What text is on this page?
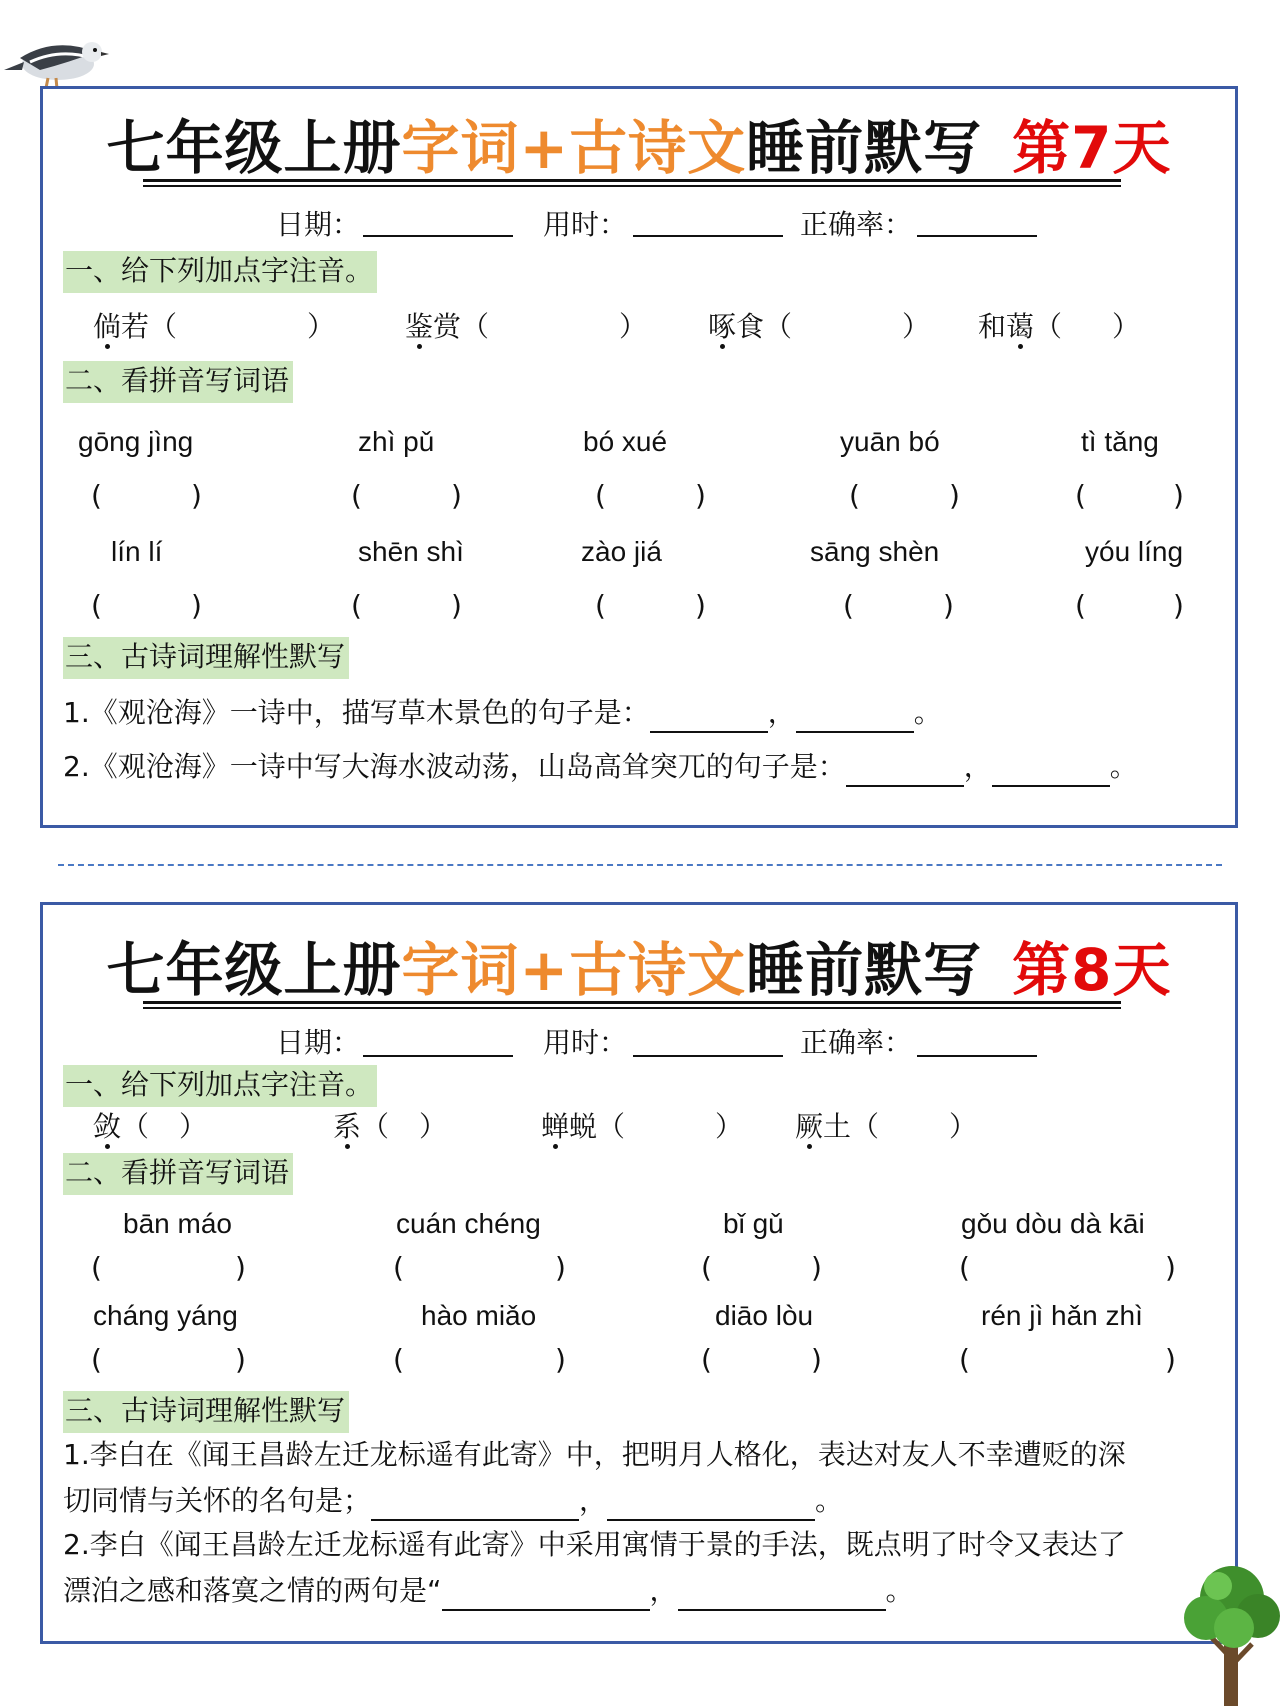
七年级上册字词+古诗文睡前默写 第7天
日期：	用时：	正确率：
一、给下列加点字注音。
倘若（	） 鉴赏（	） 啄食（	） 和蔼（ ）
二、看拼音写词语
gōng jìng	zhì pǔ	bó xué	yuān bó	tì tǎng
(	)	(	)	(	)	(	)	(	)
lín lí	shēn shì	zào jiá	sāng shèn	yóu líng
(	)	(	)	(	)	(	)	(	)
三、古诗词理解性默写
1.《观沧海》一诗中，描写草木景色的句子是：	，	。
2.《观沧海》一诗中写大海水波动荡，山岛高耸突兀的句子是：	，	。
七年级上册字词+古诗文睡前默写 第8天
日期：	用时：	正确率：
一、给下列加点字注音。
敛（ ）	系（ ）	蝉蜕（	） 厥土（	）
二、看拼音写词语
bān máo	cuán chéng	bǐ gǔ	gǒu dòu dà kāi
(	)	(	)	(	)	(	)
cháng yáng	hào miǎo	diāo lòu	rén jì hǎn zhì
(	)	(	)	(	)	(	)
三、古诗词理解性默写
1.李白在《闻王昌龄左迁龙标遥有此寄》中，把明月人格化，表达对友人不幸遭贬的深
切同情与关怀的名句是；	，	。
2.李白《闻王昌龄左迁龙标遥有此寄》中采用寓情于景的手法，既点明了时令又表达了
漂泊之感和落寞之情的两句是“	，	。
